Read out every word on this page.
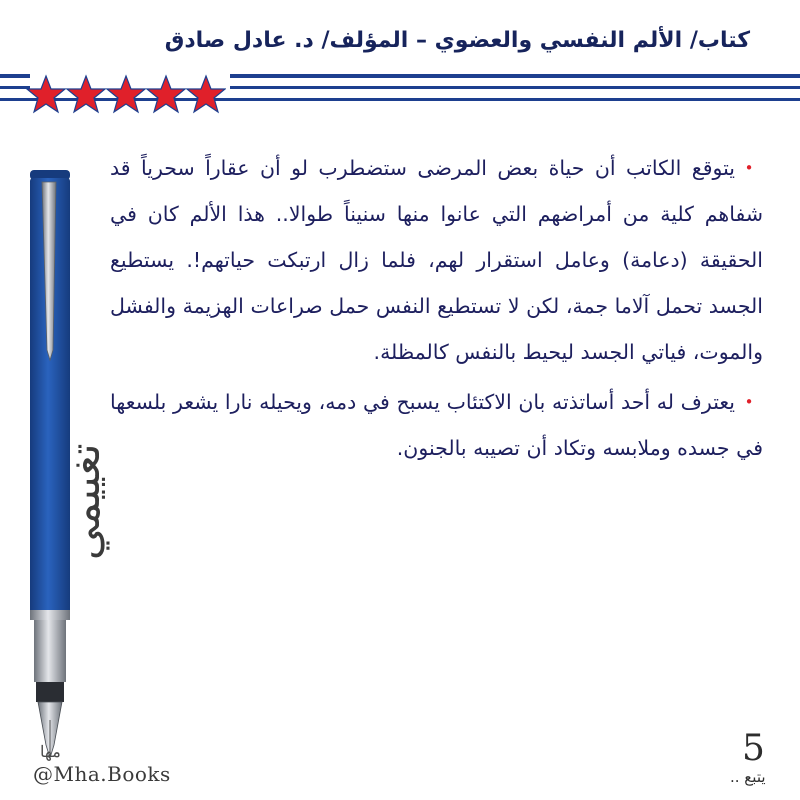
كتاب/ الألم النفسي والعضوي – المؤلف/ د. عادل صادق
تغييمي
مها
@Mha.Books

•يتوقع الكاتب أن حياة بعض المرضى ستضطرب لو أن عقاراً سحرياً قد شفاهم كلية من أمراضهم التي عانوا منها سنيناً طوالا.. هذا الألم كان في الحقيقة (دعامة) وعامل استقرار لهم، فلما زال ارتبكت حياتهم!. يستطيع الجسد تحمل آلاما جمة، لكن لا تستطيع النفس حمل صراعات الهزيمة والفشل والموت، فياتي الجسد ليحيط بالنفس كالمظلة.

•يعترف له أحد أساتذته بان الاكتئاب يسبح في دمه، ويحيله نارا يشعر بلسعها في جسده وملابسه وتكاد أن تصيبه بالجنون.

5
يتبع ..
